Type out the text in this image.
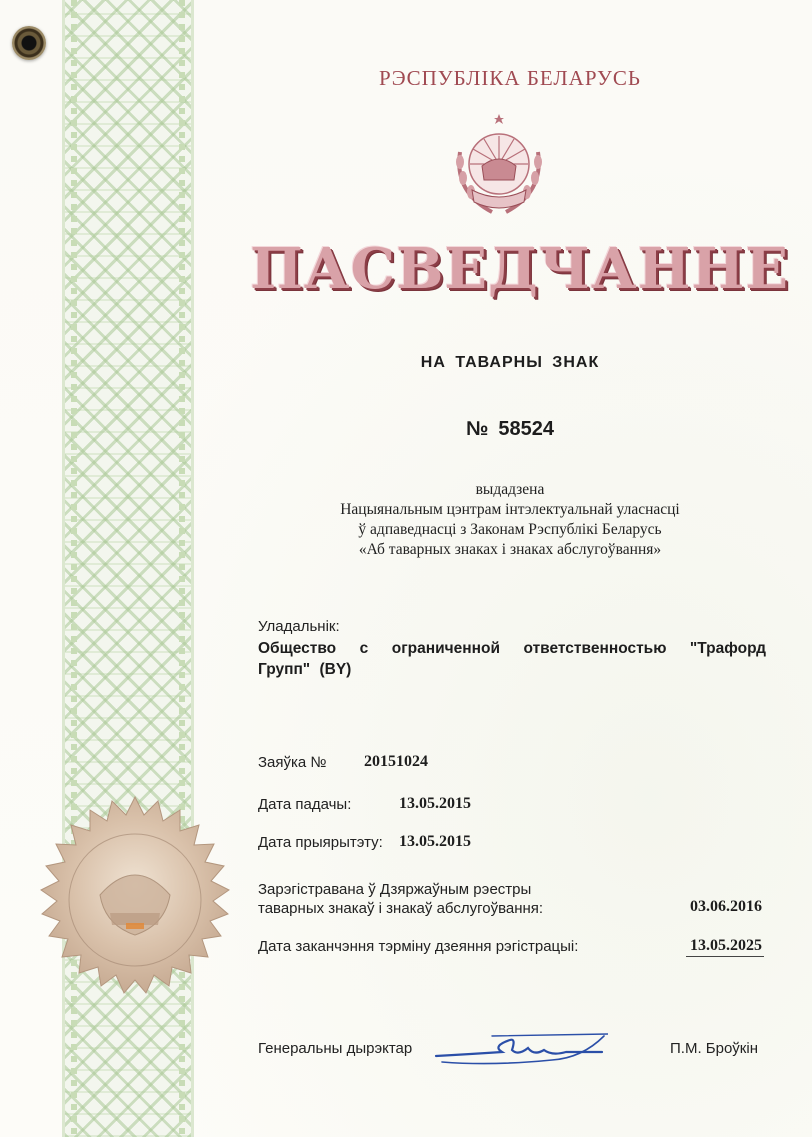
РЭСПУБЛІКА БЕЛАРУСЬ
ПАСВЕДЧАННЕ
НА ТАВАРНЫ ЗНАК
№ 58524
выдадзена
Нацыянальным цэнтрам інтэлектуальнай уласнасці
ў адпаведнасці з Законам Рэспублікі Беларусь
«Аб таварных знаках і знаках абслугоўвання»
Уладальнік:
Общество с ограниченной ответственностью "Трафорд Групп" (BY)
Заяўка № 20151024
Дата падачы:	13.05.2015
Дата прыярытэту: 13.05.2015
Зарэгістравана ў Дзяржаўным рэестры
таварных знакаў і знакаў абслугоўвання:	03.06.2016
Дата заканчэння тэрміну дзеяння рэгістрацыі:	13.05.2025
Генеральны дырэктар	П.М. Броўкін
